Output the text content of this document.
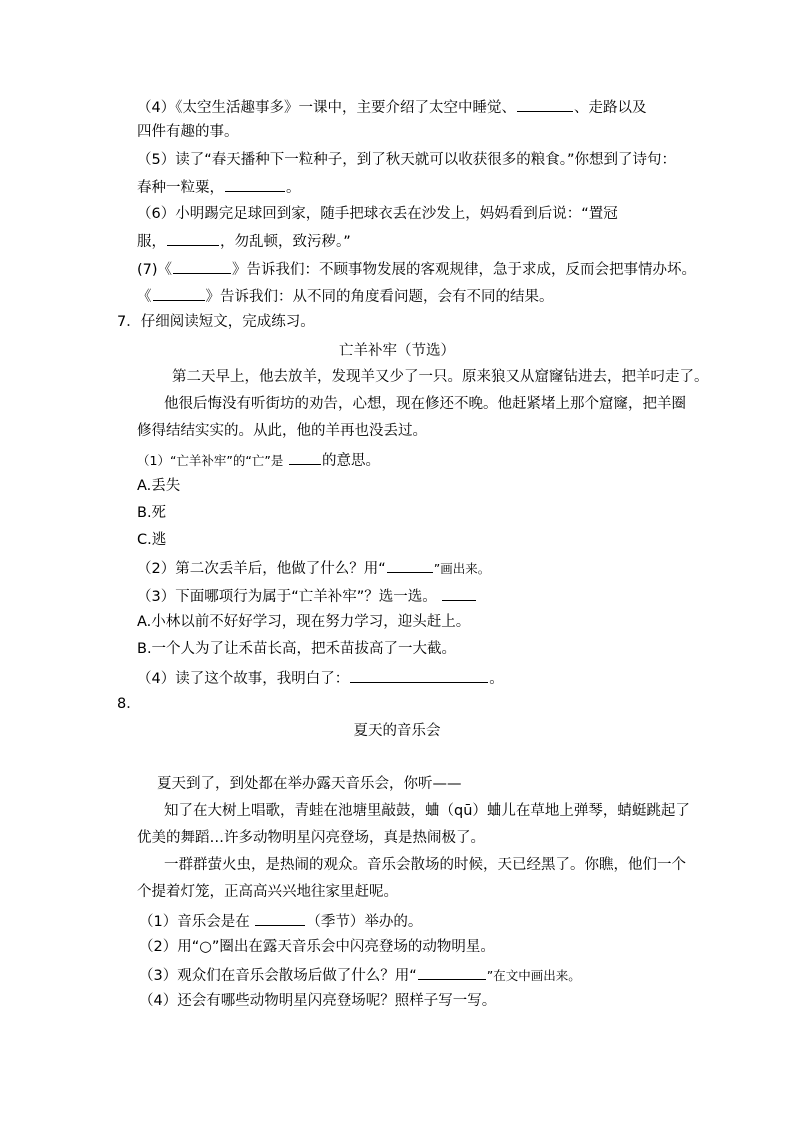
（4）《太空生活趣事多》一课中，主要介绍了太空中睡觉、	、走路以及
四件有趣的事。
（5）读了“春天播种下一粒种子，到了秋天就可以收获很多的粮食。”你想到了诗句：
春种一粒粟，	。
（6）小明踢完足球回到家，随手把球衣丢在沙发上，妈妈看到后说：“置冠
服，	，勿乱顿，致污秽。”
(7)《	》告诉我们：不顾事物发展的客观规律，急于求成，反而会把事情办坏。
《	》告诉我们：从不同的角度看问题，会有不同的结果。
7．仔细阅读短文，完成练习。
亡羊补牢（节选）
第二天早上，他去放羊，发现羊又少了一只。原来狼又从窟窿钻进去，把羊叼走了。
他很后悔没有听街坊的劝告，心想，现在修还不晚。他赶紧堵上那个窟窿，把羊圈
修得结结实实的。从此，他的羊再也没丢过。
（1）“亡羊补牢”的“亡”是	的意思。
A.丢失
B.死
C.逃
（2）第二次丢羊后，他做了什么？用“	”画出来。
（3）下面哪项行为属于“亡羊补牢”？选一选。
A.小林以前不好好学习，现在努力学习，迎头赶上。
B.一个人为了让禾苗长高，把禾苗拔高了一大截。
（4）读了这个故事，我明白了：	。
8．
夏天的音乐会
夏天到了，到处都在举办露天音乐会，你听——
知了在大树上唱歌，青蛙在池塘里敲鼓，蛐（qū）蛐儿在草地上弹琴，蜻蜓跳起了
优美的舞蹈…许多动物明星闪亮登场，真是热闹极了。
一群群萤火虫，是热闹的观众。音乐会散场的时候，天已经黑了。你瞧，他们一个
个提着灯笼，正高高兴兴地往家里赶呢。
（1）音乐会是在	（季节）举办的。
（2）用“○”圈出在露天音乐会中闪亮登场的动物明星。
（3）观众们在音乐会散场后做了什么？用“	”在文中画出来。
（4）还会有哪些动物明星闪亮登场呢？照样子写一写。
